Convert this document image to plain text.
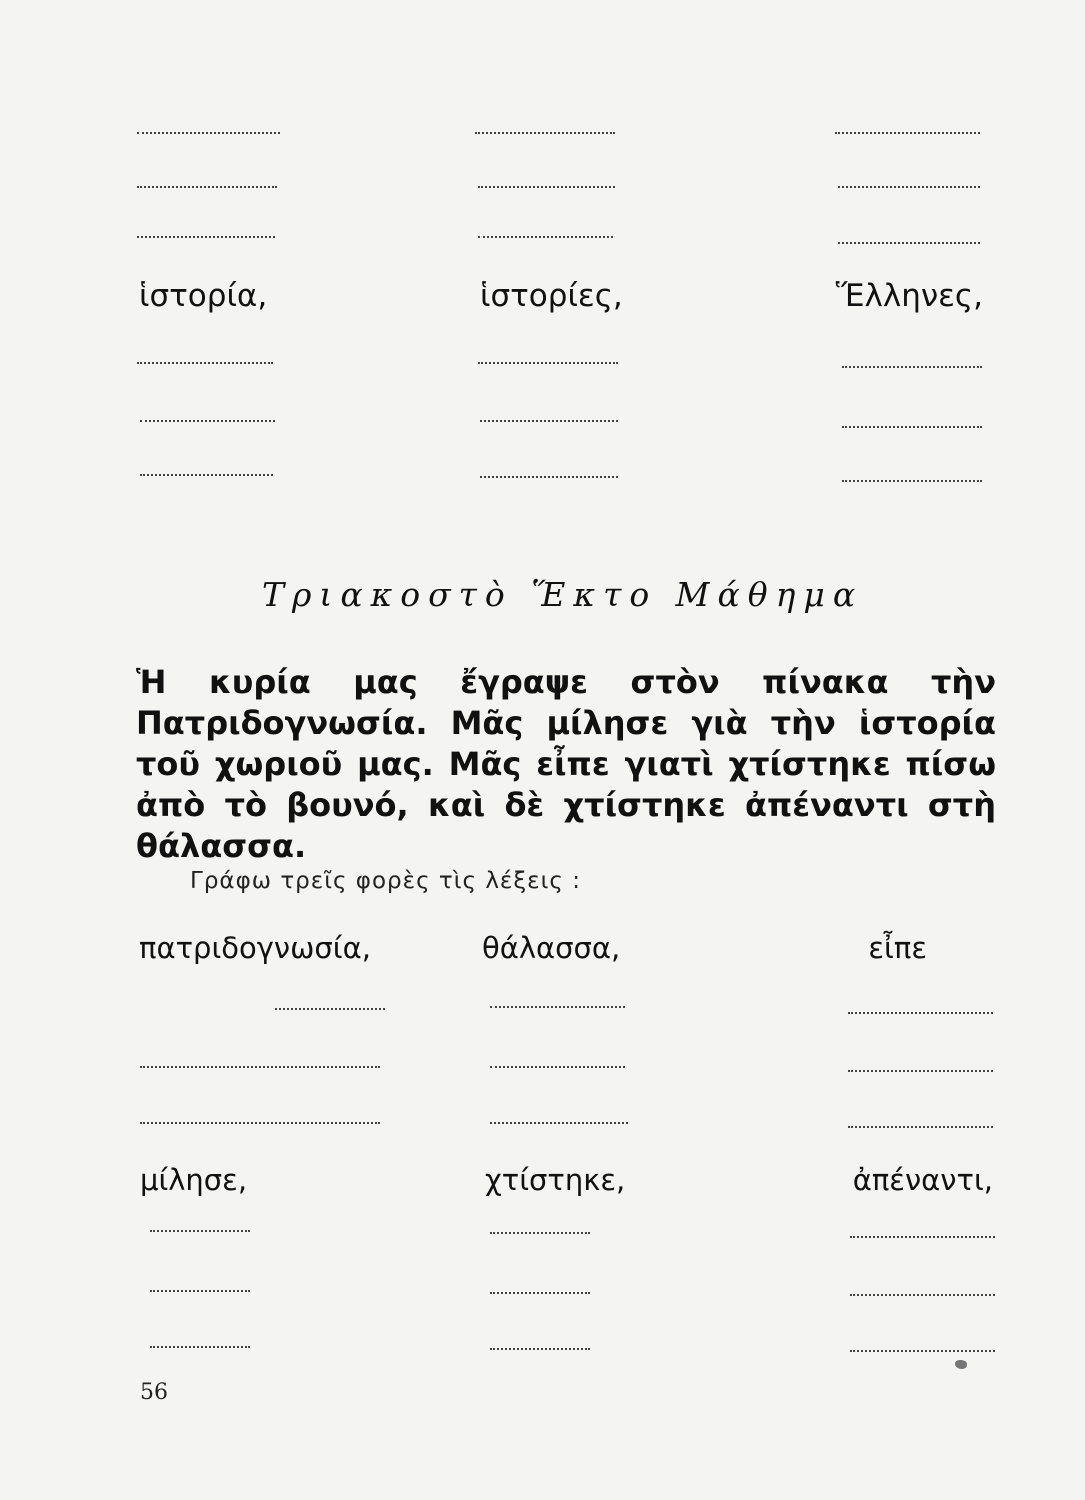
ἱστορία,	ἱστορίες,	Ἕλληνες,
Τριακοστὸ Ἕκτο Μάθημα
Ἡ κυρία μας ἔγραψε στὸν πίνακα τὴν Πατριδογνωσία. Μᾶς μίλησε γιὰ τὴν ἱστορία τοῦ χωριοῦ μας. Μᾶς εἶπε γιατὶ χτίστηκε πίσω ἀπὸ τὸ βουνό, καὶ δὲ χτίστηκε ἀπέναντι στὴ θάλασσα.
Γράφω τρεῖς φορὲς τὶς λέξεις :
πατριδογνωσία,	θάλασσα,	εἶπε
μίλησε,	χτίστηκε,	ἀπέναντι,
56
